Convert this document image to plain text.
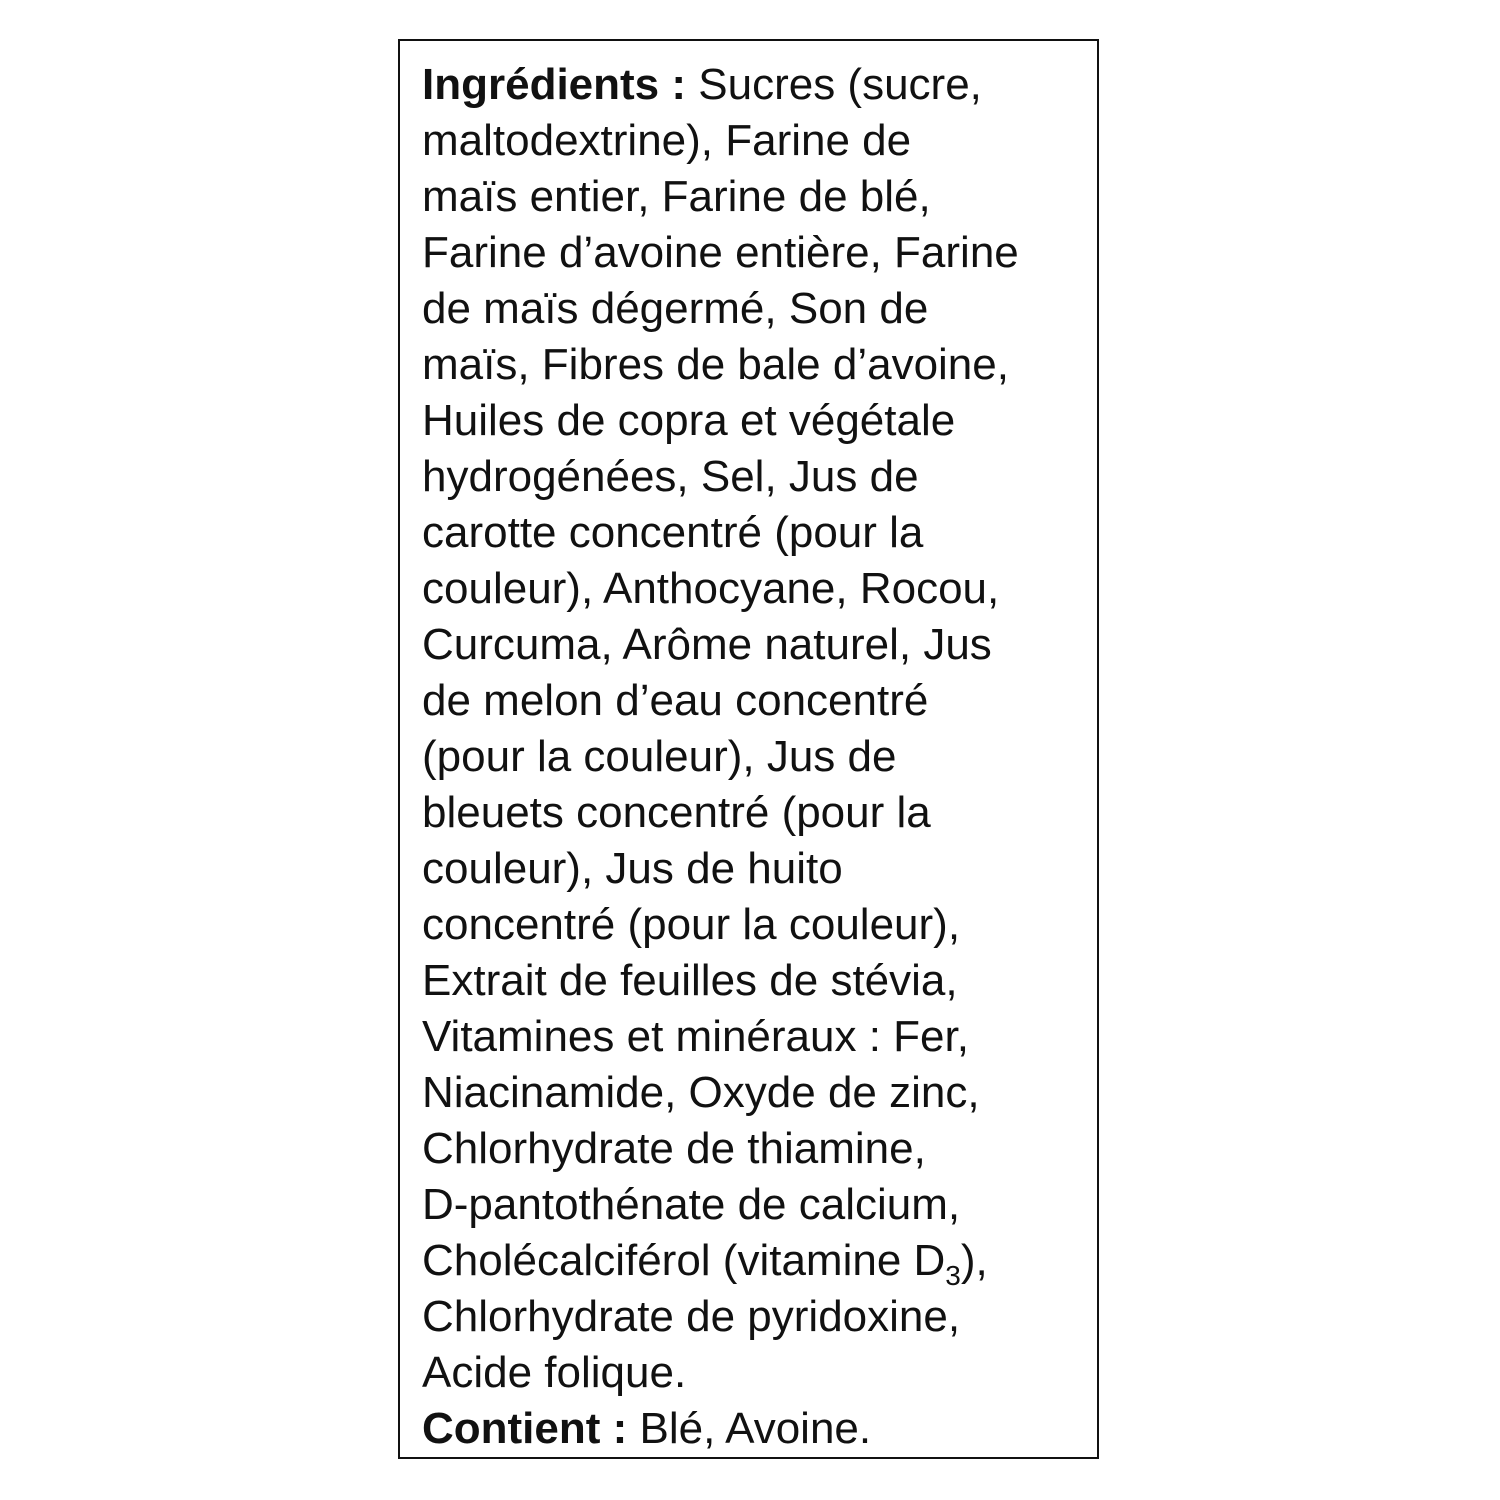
Ingrédients : Sucres (sucre,
maltodextrine), Farine de
maïs entier, Farine de blé,
Farine d’avoine entière, Farine
de maïs dégermé, Son de
maïs, Fibres de bale d’avoine,
Huiles de copra et végétale
hydrogénées, Sel, Jus de
carotte concentré (pour la
couleur), Anthocyane, Rocou,
Curcuma, Arôme naturel, Jus
de melon d’eau concentré
(pour la couleur), Jus de
bleuets concentré (pour la
couleur), Jus de huito
concentré (pour la couleur),
Extrait de feuilles de stévia,
Vitamines et minéraux : Fer,
Niacinamide, Oxyde de zinc,
Chlorhydrate de thiamine,
D-pantothénate de calcium,
Cholécalciférol (vitamine $D_3$),
Chlorhydrate de pyridoxine,
Acide folique.
Contient : Blé, Avoine.
